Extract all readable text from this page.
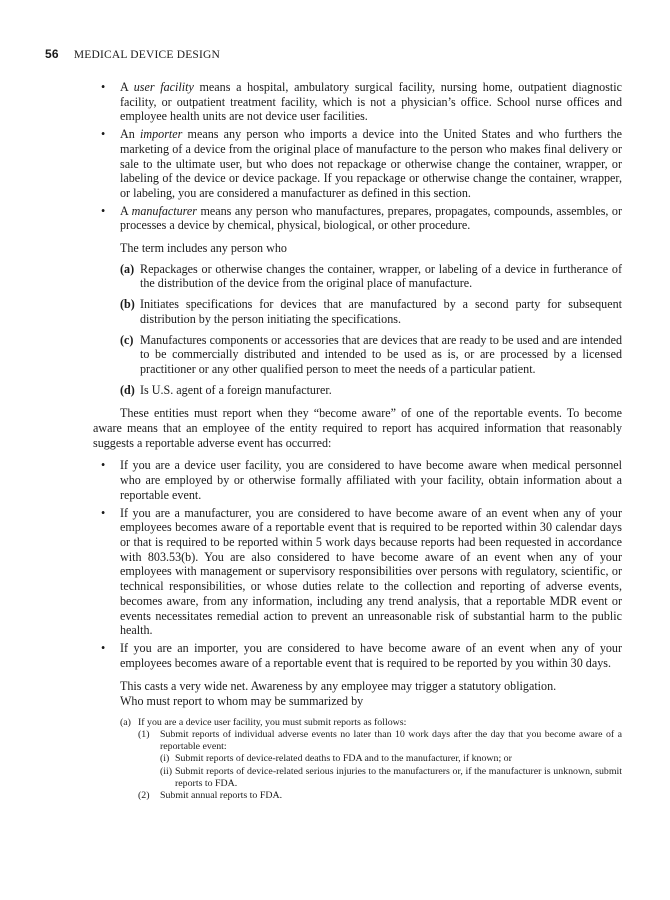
56 MEDICAL DEVICE DESIGN
• A user facility means a hospital, ambulatory surgical facility, nursing home, outpatient diagnostic facility, or outpatient treatment facility, which is not a physician’s office. School nurse offices and employee health units are not device user facilities.
• An importer means any person who imports a device into the United States and who furthers the marketing of a device from the original place of manufacture to the person who makes final delivery or sale to the ultimate user, but who does not repackage or otherwise change the container, wrapper, or labeling of the device or device package. If you repackage or otherwise change the container, wrapper, or labeling, you are considered a manufacturer as defined in this section.
• A manufacturer means any person who manufactures, prepares, propagates, compounds, assembles, or processes a device by chemical, physical, biological, or other procedure.
The term includes any person who
(a) Repackages or otherwise changes the container, wrapper, or labeling of a device in furtherance of the distribution of the device from the original place of manufacture.
(b) Initiates specifications for devices that are manufactured by a second party for subsequent distribution by the person initiating the specifications.
(c) Manufactures components or accessories that are devices that are ready to be used and are intended to be commercially distributed and intended to be used as is, or are processed by a licensed practitioner or any other qualified person to meet the needs of a particular patient.
(d) Is U.S. agent of a foreign manufacturer.
These entities must report when they “become aware” of one of the reportable events. To become aware means that an employee of the entity required to report has acquired information that reasonably suggests a reportable adverse event has occurred:
• If you are a device user facility, you are considered to have become aware when medical personnel who are employed by or otherwise formally affiliated with your facility, obtain information about a reportable event.
• If you are a manufacturer, you are considered to have become aware of an event when any of your employees becomes aware of a reportable event that is required to be reported within 30 calendar days or that is required to be reported within 5 work days because reports had been requested in accordance with 803.53(b). You are also considered to have become aware of an event when any of your employees with management or supervisory responsibilities over persons with regulatory, scientific, or technical responsibilities, or whose duties relate to the collection and reporting of adverse events, becomes aware, from any information, including any trend analysis, that a reportable MDR event or events necessitates remedial action to prevent an unreasonable risk of substantial harm to the public health.
• If you are an importer, you are considered to have become aware of an event when any of your employees becomes aware of a reportable event that is required to be reported by you within 30 days.
This casts a very wide net. Awareness by any employee may trigger a statutory obligation.
Who must report to whom may be summarized by
(a) If you are a device user facility, you must submit reports as follows:
(1) Submit reports of individual adverse events no later than 10 work days after the day that you become aware of a reportable event:
(i) Submit reports of device-related deaths to FDA and to the manufacturer, if known; or
(ii) Submit reports of device-related serious injuries to the manufacturers or, if the manufacturer is unknown, submit reports to FDA.
(2) Submit annual reports to FDA.
